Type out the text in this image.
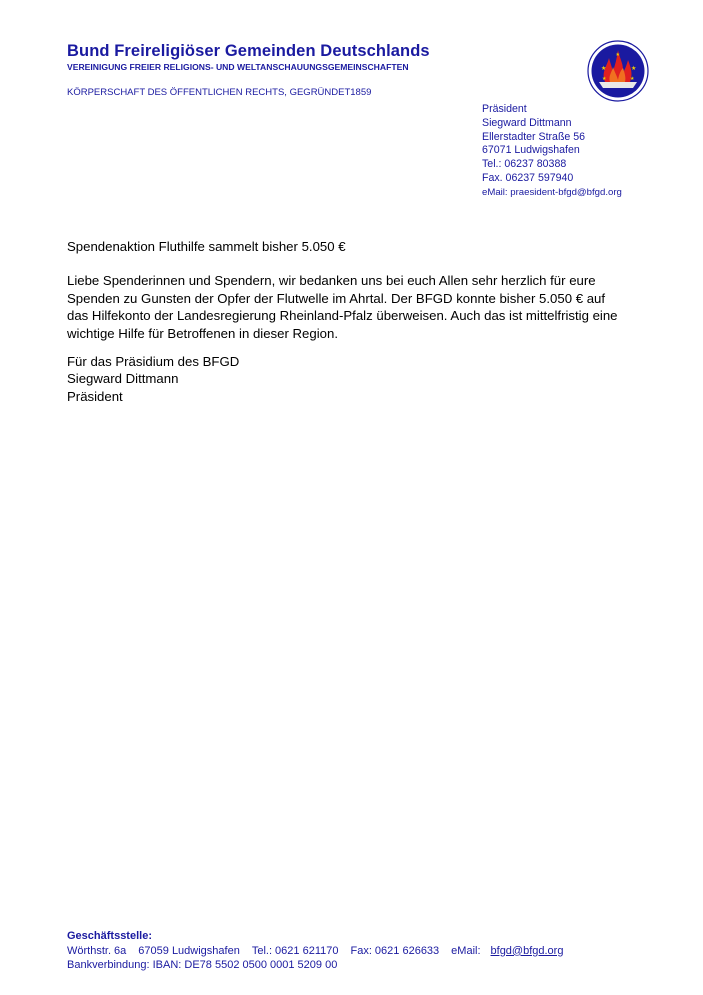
Bund Freireligiöser Gemeinden Deutschlands
VEREINIGUNG FREIER RELIGIONS- UND WELTANSCHAUUNGSGEMEINSCHAFTEN
KÖRPERSCHAFT DES ÖFFENTLICHEN RECHTS, GEGRÜNDET1859
★	★
★	★
★
Präsident
Siegward Dittmann
Ellerstadter Straße 56
67071 Ludwigshafen
Tel.: 06237 80388
Fax. 06237 597940
eMail: praesident-bfgd@bfgd.org
Spendenaktion Fluthilfe sammelt bisher 5.050 €
Liebe Spenderinnen und Spendern, wir bedanken uns bei euch Allen sehr herzlich für eure
Spenden zu Gunsten der Opfer der Flutwelle im Ahrtal. Der BFGD konnte bisher 5.050 € auf
das Hilfekonto der Landesregierung Rheinland-Pfalz überweisen. Auch das ist mittelfristig eine
wichtige Hilfe für Betroffenen in dieser Region.
Für das Präsidium des BFGD
Siegward Dittmann
Präsident
Geschäftsstelle:
Wörthstr. 6a 67059 Ludwigshafen Tel.: 0621 621170 Fax: 0621 626633 eMail: bfgd@bfgd.org
Bankverbindung: IBAN: DE78 5502 0500 0001 5209 00
